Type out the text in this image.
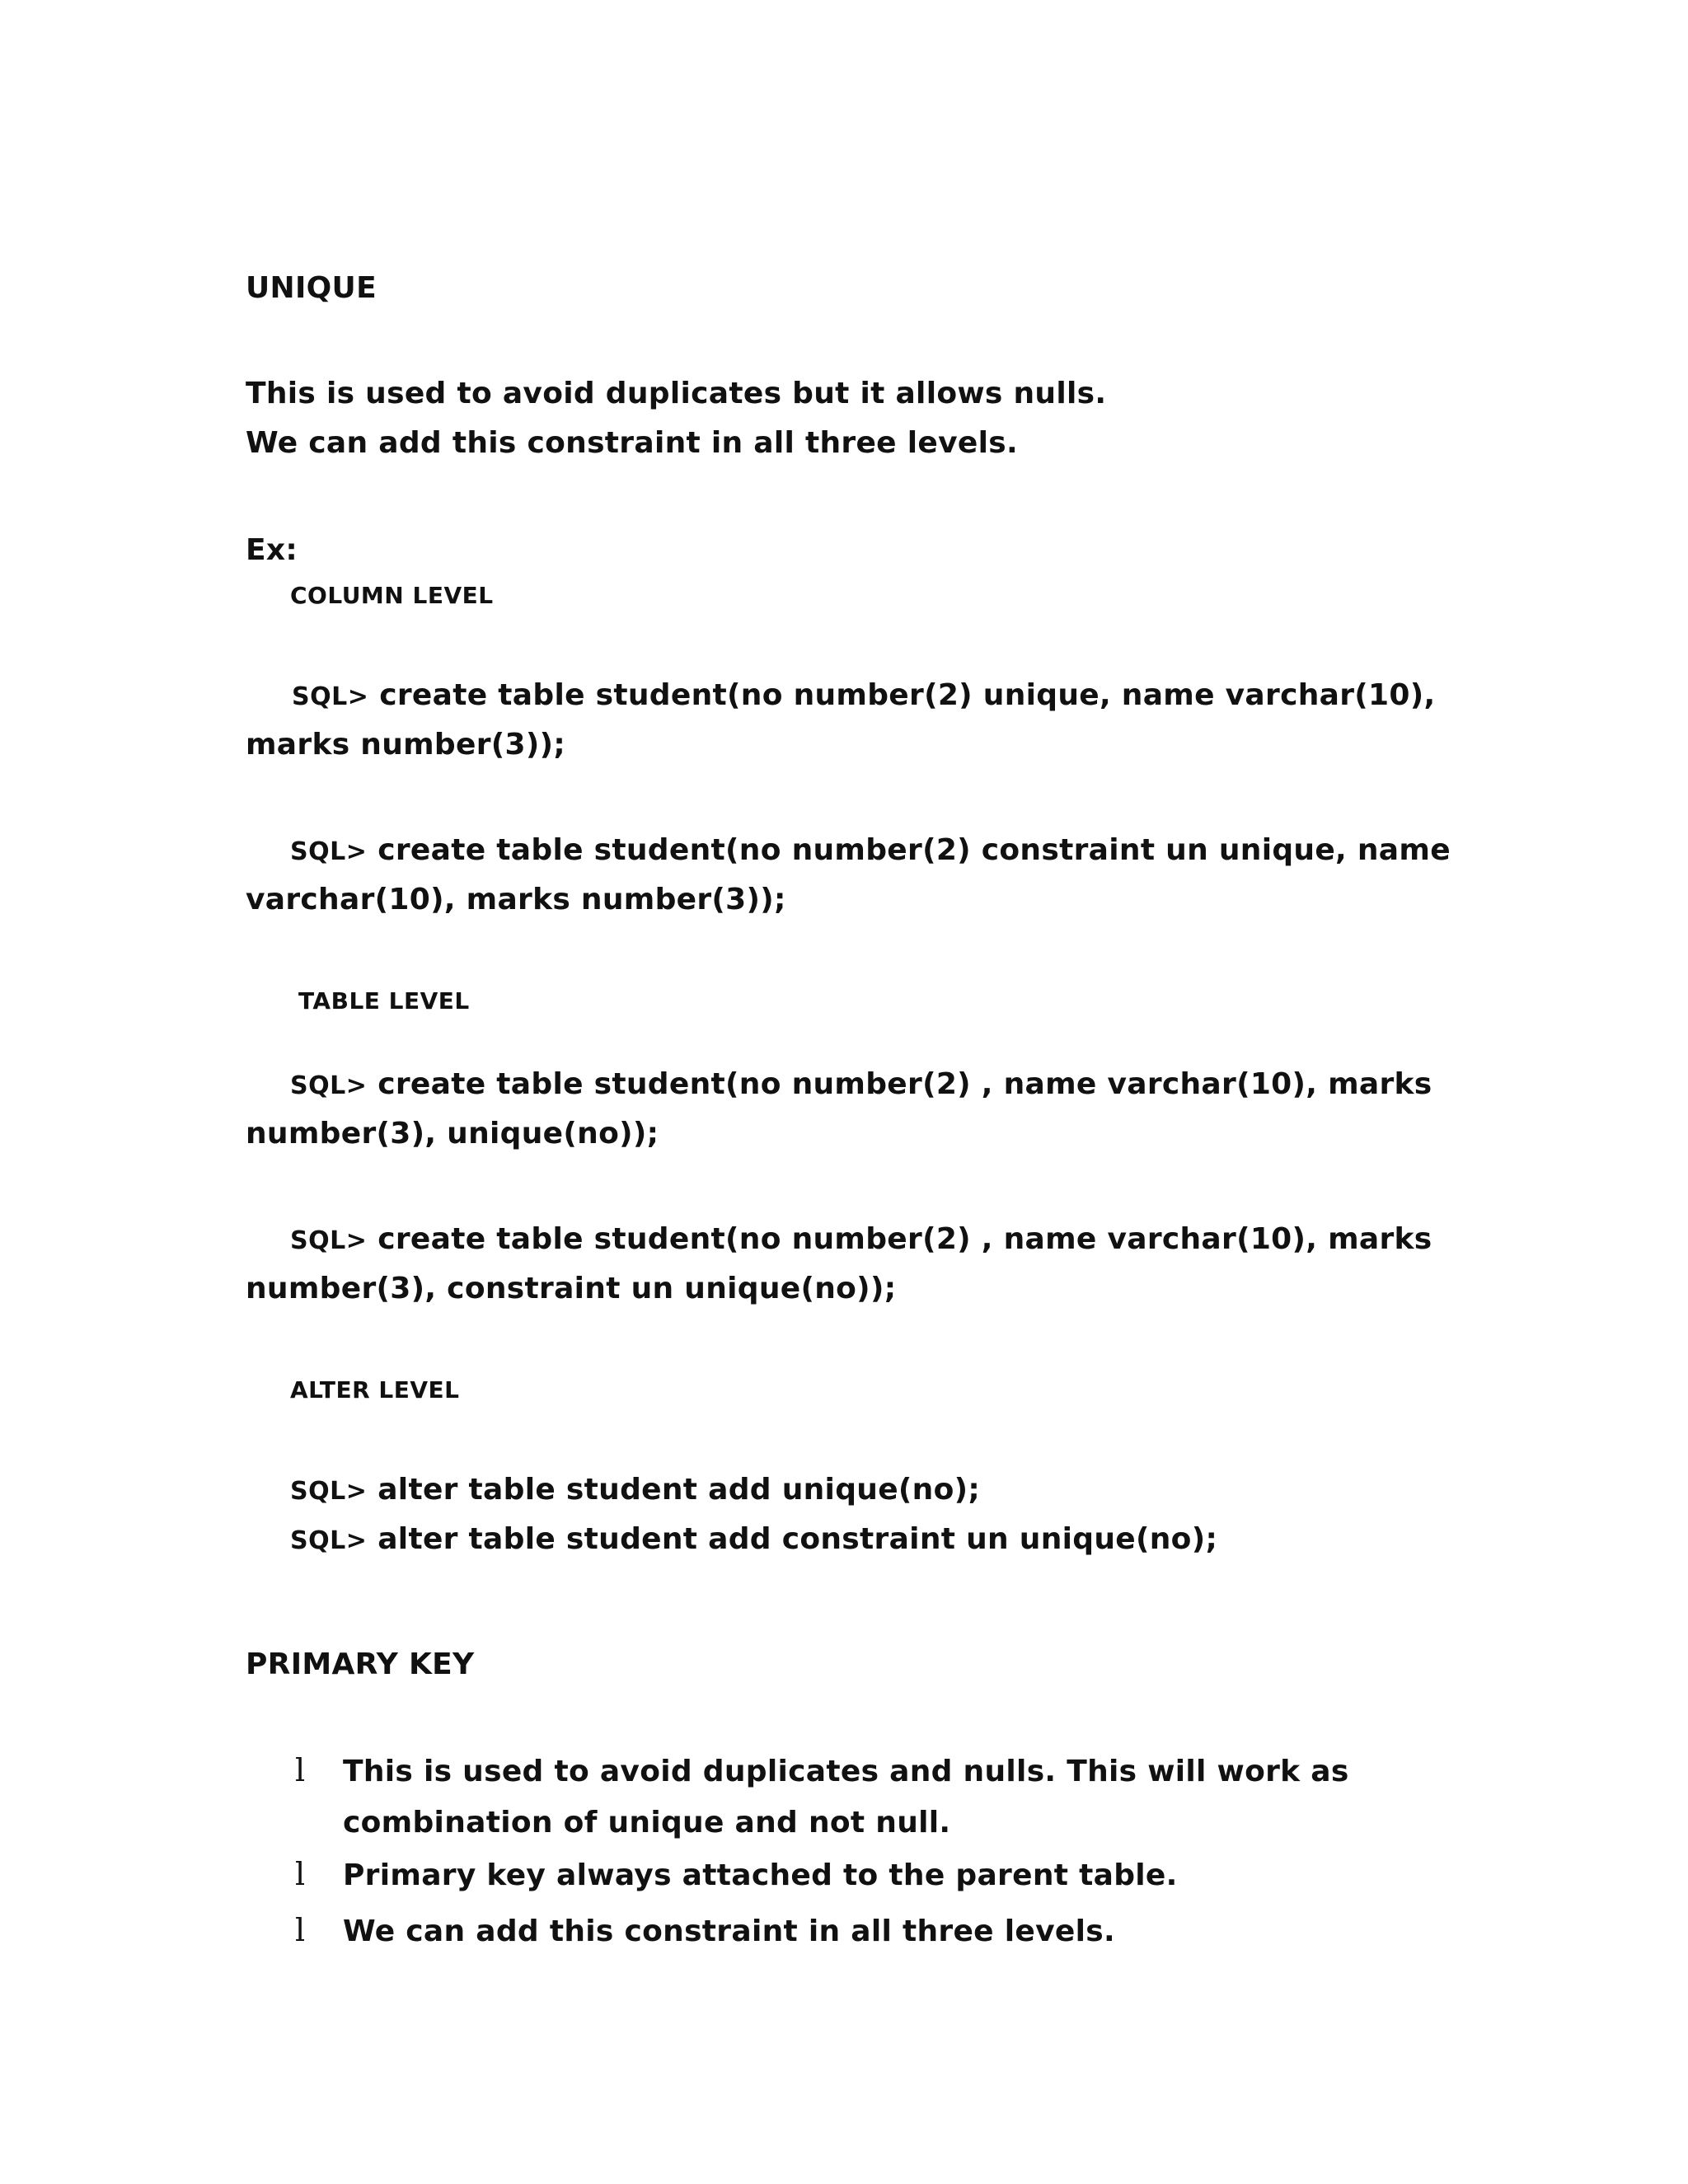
UNIQUE
This is used to avoid duplicates but it allows nulls.
We can add this constraint in all three levels.
Ex:
COLUMN LEVEL
SQL> create table student(no number(2) unique, name varchar(10),
marks number(3));
SQL> create table student(no number(2) constraint un unique, name
varchar(10), marks number(3));
TABLE LEVEL
SQL> create table student(no number(2) , name varchar(10), marks
number(3), unique(no));
SQL> create table student(no number(2) , name varchar(10), marks
number(3), constraint un unique(no));
ALTER LEVEL
SQL> alter table student add unique(no);
SQL> alter table student add constraint un unique(no);
PRIMARY KEY
l This is used to avoid duplicates and nulls. This will work as
combination of unique and not null.
l Primary key always attached to the parent table.
l We can add this constraint in all three levels.
